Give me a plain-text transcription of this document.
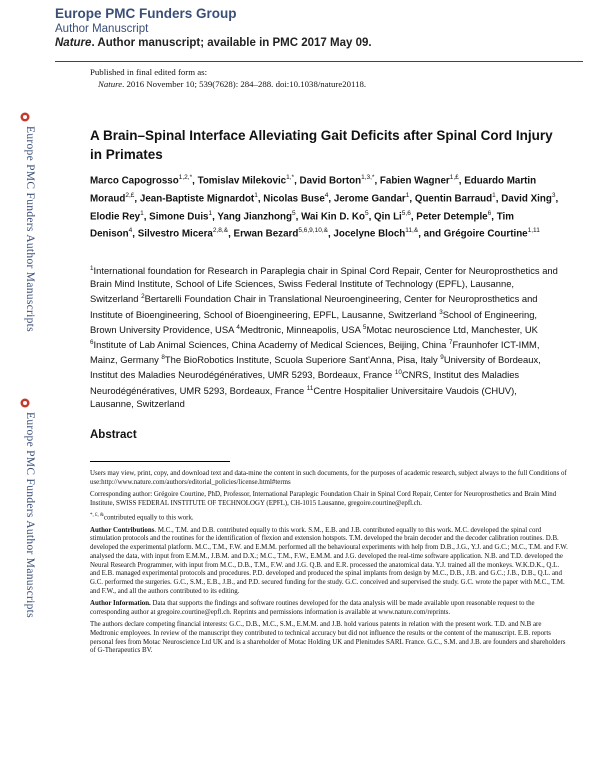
Europe PMC Funders Group
Author Manuscript
Nature. Author manuscript; available in PMC 2017 May 09.
Published in final edited form as:
Nature. 2016 November 10; 539(7628): 284–288. doi:10.1038/nature20118.
Europe PMC Funders Author Manuscripts
Europe PMC Funders Author Manuscripts
A Brain–Spinal Interface Alleviating Gait Deficits after Spinal Cord Injury in Primates
Marco Capogrosso$^{1,2,*}$, Tomislav Milekovic$^{1,*}$, David Borton$^{1,3,*}$, Fabien Wagner$^{1,£}$, Eduardo Martin Moraud$^{2,£}$, Jean-Baptiste Mignardot$^1$, Nicolas Buse$^4$, Jerome Gandar$^1$, Quentin Barraud$^1$, David Xing$^3$, Elodie Rey$^1$, Simone Duis$^1$, Yang Jianzhong$^5$, Wai Kin D. Ko$^5$, Qin Li$^{5,6}$, Peter Detemple$^6$, Tim Denison$^4$, Silvestro Micera$^{2,8,\&}$, Erwan Bezard$^{5,6,9,10,\&}$, Jocelyne Bloch$^{11,\&}$, and Grégoire Courtine$^{1,11}$
$^1$International foundation for Research in Paraplegia chair in Spinal Cord Repair, Center for Neuroprosthetics and Brain Mind Institute, School of Life Sciences, Swiss Federal Institute of Technology (EPFL), Lausanne, Switzerland $^2$Bertarelli Foundation Chair in Translational Neuroengineering, Center for Neuroprosthetics and Institute of Bioengineering, School of Bioengineering, EPFL, Lausanne, Switzerland $^3$School of Engineering, Brown University Providence, USA $^4$Medtronic, Minneapolis, USA $^5$Motac neuroscience Ltd, Manchester, UK $^6$Institute of Lab Animal Sciences, China Academy of Medical Sciences, Beijing, China $^7$Fraunhofer ICT-IMM, Mainz, Germany $^8$The BioRobotics Institute, Scuola Superiore Sant'Anna, Pisa, Italy $^9$University of Bordeaux, Institut des Maladies Neurodégénératives, UMR 5293, Bordeaux, France $^{10}$CNRS, Institut des Maladies Neurodégénératives, UMR 5293, Bordeaux, France $^{11}$Centre Hospitalier Universitaire Vaudois (CHUV), Lausanne, Switzerland
Abstract

Users may view, print, copy, and download text and data-mine the content in such documents, for the purposes of academic research, subject always to the full Conditions of use:http://www.nature.com/authors/editorial_policies/license.html#terms

Corresponding author: Grégoire Courtine, PhD, Professor, International Paraplegic Foundation Chair in Spinal Cord Repair, Center for Neuroprosthetics and Brain Mind Institute, SWISS FEDERAL INSTITUTE OF TECHNOLOGY (EPFL), CH-1015 Lausanne, gregoire.courtine@epfl.ch.

*, £, &contributed equally to this work.

Author Contributions. M.C., T.M. and D.B. contributed equally to this work. S.M., E.B. and J.B. contributed equally to this work. M.C. developed the spinal cord stimulation protocols and the routines for the identification of flexion and extension hotspots. T.M. developed the brain decoder and the decoder calibration routines. D.B. developed the experimental platform. M.C., T.M., F.W. and E.M.M. performed all the behavioural experiments with help from D.B., J.G., Y.J. and G.C.; M.C., T.M. and F.W. analysed the data, with input from E.M.M., J.B.M. and D.X.; M.C., T.M., F.W., E.M.M. and J.G. developed the real-time software application. N.B. and T.D. developed the Neural Research Programmer, with input from M.C., D.B., T.M., F.W. and J.G. Q.B. and E.R. processed the anatomical data. Y.J. trained all the monkeys. W.K.D.K., Q.L. and E.B. managed experimental protocols and procedures. P.D. developed and produced the spinal implants from design by M.C., D.B., J.B. and G.C.; J.B., D.B., Q.L. and G.C. performed the surgeries. G.C., S.M., E.B., J.B., and P.D. secured funding for the study. G.C. conceived and supervised the study. G.C. wrote the paper with M.C., T.M. and F.W., and all the authors contributed to its editing.

Author Information. Data that supports the findings and software routines developed for the data analysis will be made available upon reasonable request to the corresponding author at gregoire.courtine@epfl.ch. Reprints and permissions information is available at www.nature.com/reprints.

The authors declare competing financial interests: G.C., D.B., M.C., S.M., E.M.M. and J.B. hold various patents in relation with the present work. T.D. and N.B are Medtronic employees. In review of the manuscript they contributed to technical accuracy but did not influence the results or the content of the manuscript. E.B. reports personal fees from Motac Neuroscience Ltd UK and is a shareholder of Motac Holding UK and Plenitudes SARL France. G.C., S.M. and J.B. are founders and shareholders of G-Therapeutics BV.
